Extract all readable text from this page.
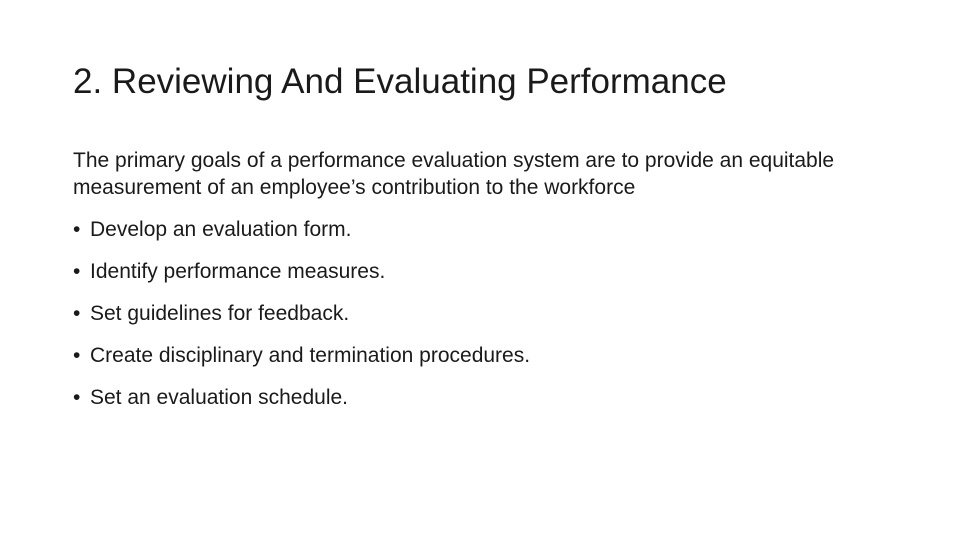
2. Reviewing And Evaluating Performance

The primary goals of a performance evaluation system are to provide an equitable measurement of an employee’s contribution to the workforce

• Develop an evaluation form.
• Identify performance measures.
• Set guidelines for feedback.
• Create disciplinary and termination procedures.
• Set an evaluation schedule.
